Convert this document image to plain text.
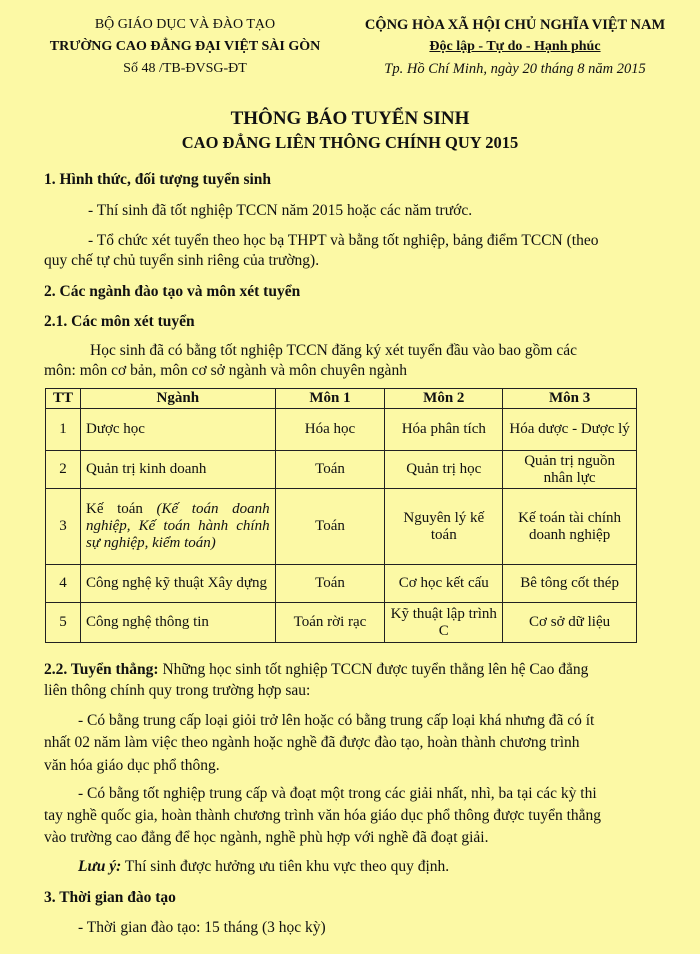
BỘ GIÁO DỤC VÀ ĐÀO TẠO
TRƯỜNG CAO ĐẲNG ĐẠI VIỆT SÀI GÒN
Số 48 /TB-ĐVSG-ĐT
CỘNG HÒA XÃ HỘI CHỦ NGHĨA VIỆT NAM
Độc lập - Tự do - Hạnh phúc
Tp. Hồ Chí Minh, ngày 20 tháng 8 năm 2015
THÔNG BÁO TUYỂN SINH
CAO ĐẲNG LIÊN THÔNG CHÍNH QUY 2015
1. Hình thức, đối tượng tuyển sinh
- Thí sinh đã tốt nghiệp TCCN năm 2015 hoặc các năm trước.
- Tổ chức xét tuyển theo học bạ THPT và bằng tốt nghiệp, bảng điểm TCCN (theo
quy chế tự chủ tuyển sinh riêng của trường).
2. Các ngành đào tạo và môn xét tuyển
2.1. Các môn xét tuyển
Học sinh đã có bằng tốt nghiệp TCCN đăng ký xét tuyển đầu vào bao gồm các
môn: môn cơ bản, môn cơ sở ngành và môn chuyên ngành
TT	Ngành	Môn 1	Môn 2	Môn 3
1	Dược học	Hóa học	Hóa phân tích	Hóa dược - Dược lý
2	Quản trị kinh doanh	Toán	Quản trị học	Quản trị nguồn nhân lực
3	Kế toán (Kế toán doanh nghiệp, Kế toán hành chính sự nghiệp, kiểm toán)	Toán	Nguyên lý kế toán	Kế toán tài chính doanh nghiệp
4	Công nghệ kỹ thuật Xây dựng	Toán	Cơ học kết cấu	Bê tông cốt thép
5	Công nghệ thông tin	Toán rời rạc	Kỹ thuật lập trình C	Cơ sở dữ liệu
2.2. Tuyển thẳng: Những học sinh tốt nghiệp TCCN được tuyển thẳng lên hệ Cao đẳng
liên thông chính quy trong trường hợp sau:
- Có bằng trung cấp loại giỏi trở lên hoặc có bằng trung cấp loại khá nhưng đã có ít
nhất 02 năm làm việc theo ngành hoặc nghề đã được đào tạo, hoàn thành chương trình
văn hóa giáo dục phổ thông.
- Có bằng tốt nghiệp trung cấp và đoạt một trong các giải nhất, nhì, ba tại các kỳ thi
tay nghề quốc gia, hoàn thành chương trình văn hóa giáo dục phổ thông được tuyển thẳng
vào trường cao đẳng để học ngành, nghề phù hợp với nghề đã đoạt giải.
Lưu ý: Thí sinh được hưởng ưu tiên khu vực theo quy định.
3. Thời gian đào tạo
- Thời gian đào tạo: 15 tháng (3 học kỳ)
